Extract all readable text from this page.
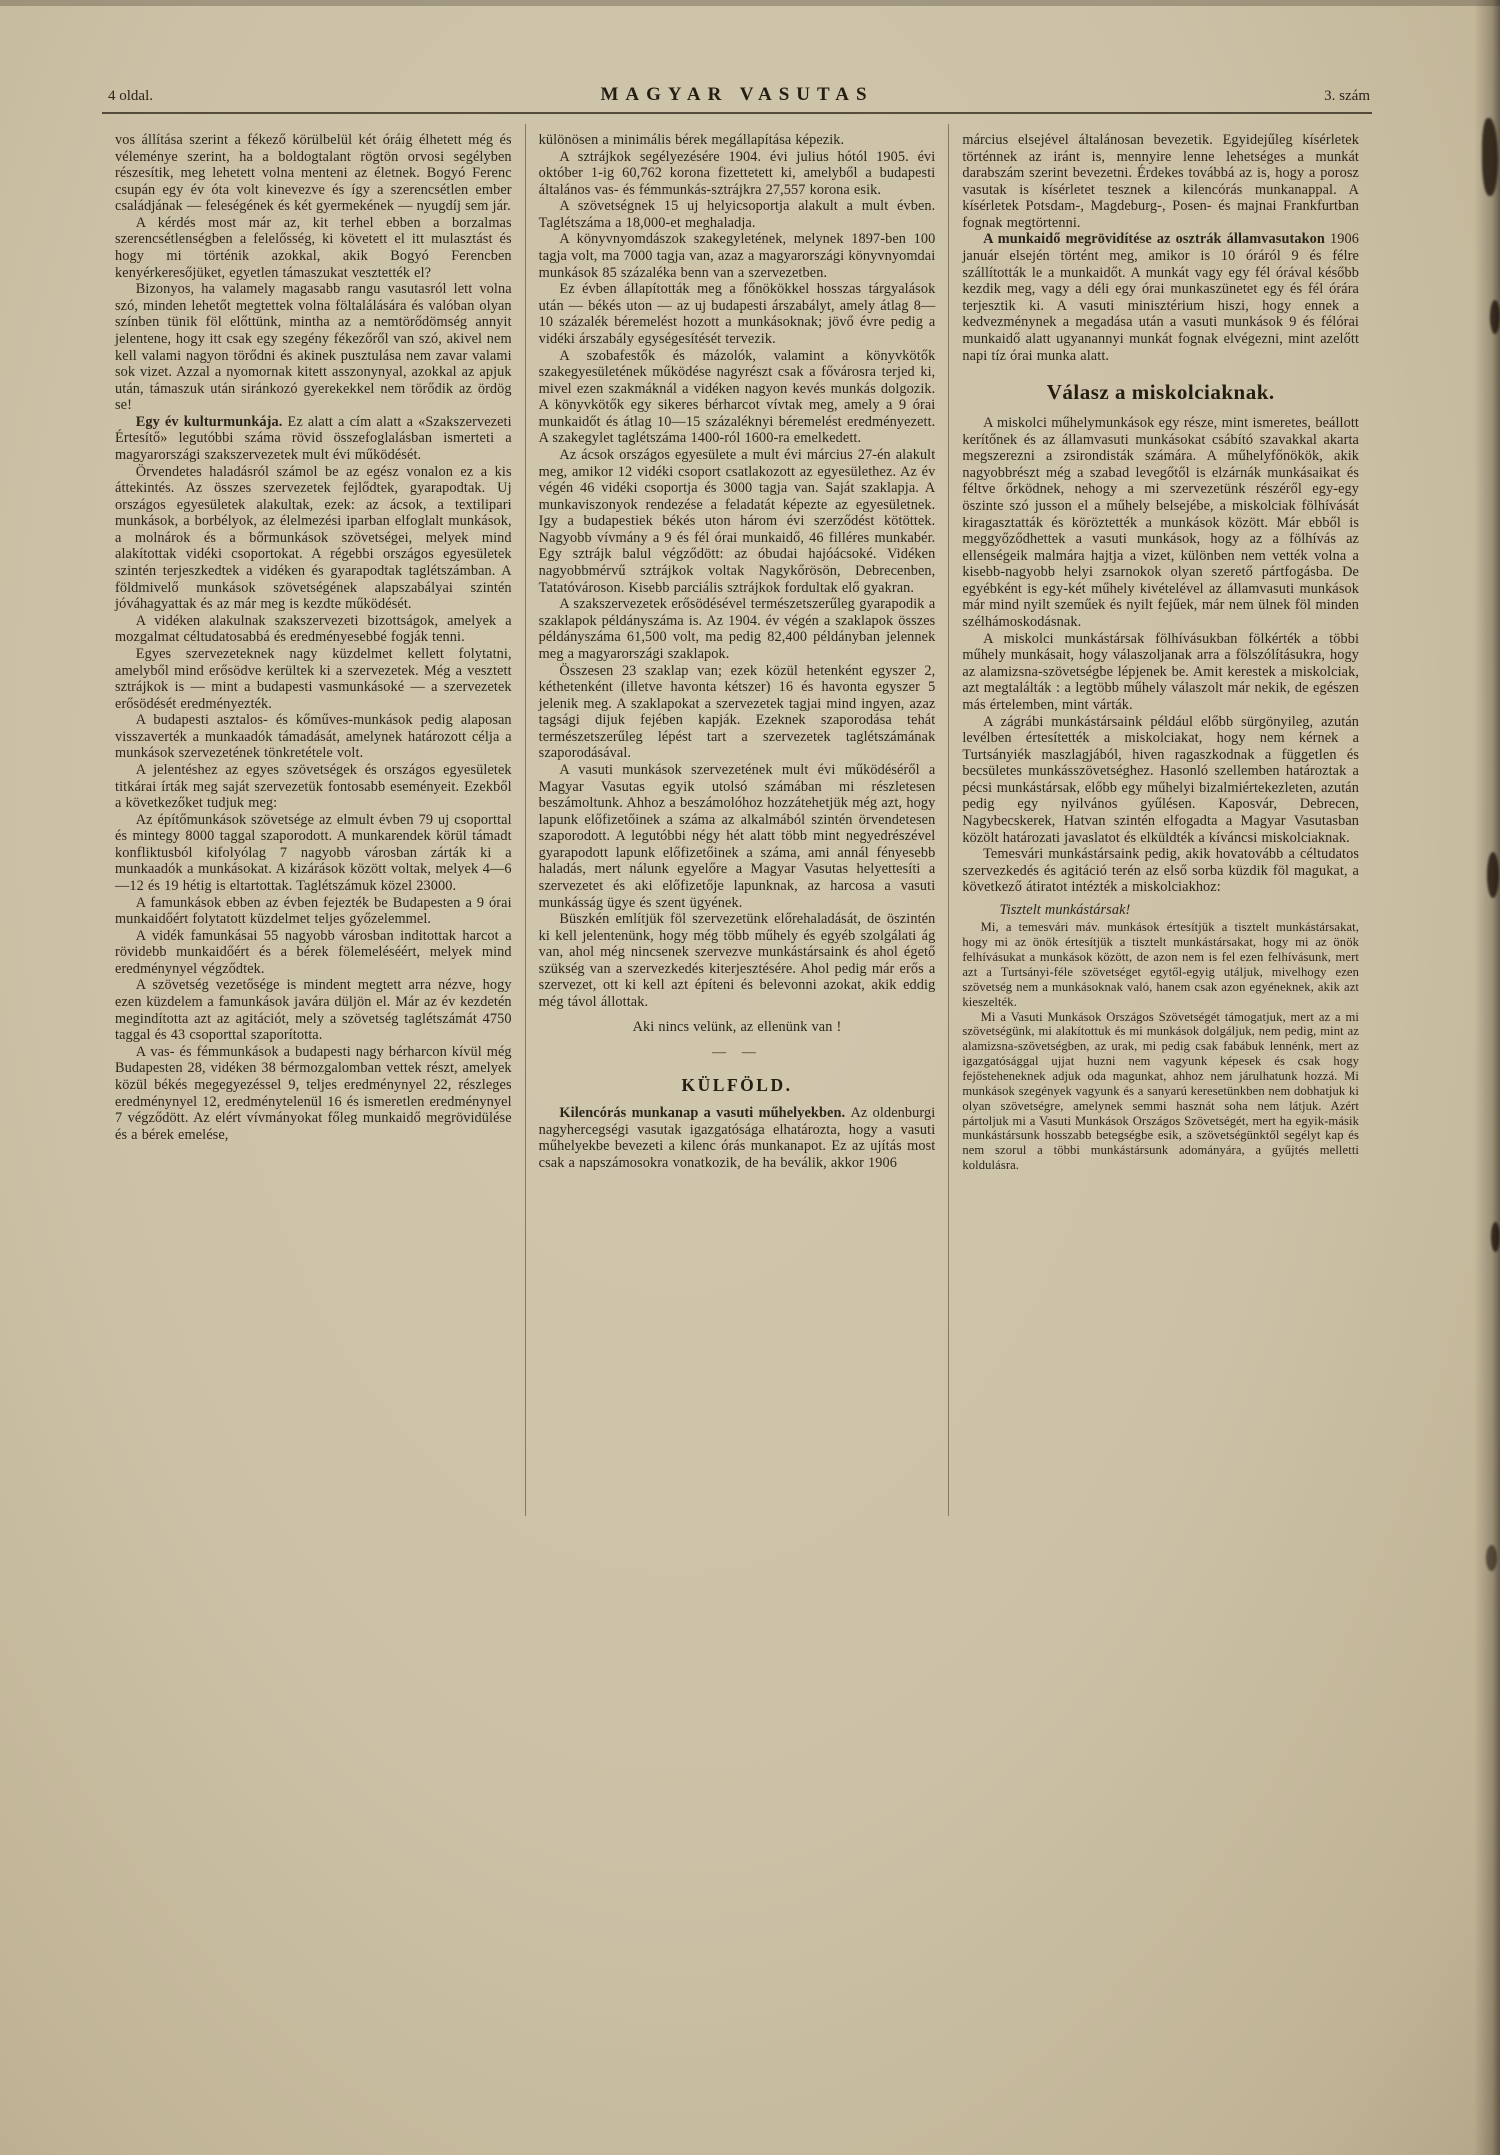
4 oldal.	MAGYAR VASUTAS	3. szám

vos állítása szerint a fékező körülbelül két óráig élhetett még és véleménye szerint, ha a boldogtalant rögtön orvosi segélyben részesítik, meg lehetett volna menteni az életnek. Bogyó Ferenc csupán egy év óta volt kinevezve és így a szerencsétlen ember családjának — feleségének és két gyermekének — nyugdíj sem jár.

A kérdés most már az, kit terhel ebben a borzalmas szerencsétlenségben a felelősség, ki követett el itt mulasztást és hogy mi történik azokkal, akik Bogyó Ferencben kenyérkeresőjüket, egyetlen támaszukat vesztették el?

Bizonyos, ha valamely magasabb rangu vasutasról lett volna szó, minden lehetőt megtettek volna föltalálására és valóban olyan színben tünik föl előttünk, mintha az a nemtörődömség annyit jelentene, hogy itt csak egy szegény fékezőről van szó, akivel nem kell valami nagyon törődni és akinek pusztulása nem zavar valami sok vizet. Azzal a nyomornak kitett asszonynyal, azokkal az apjuk után, támaszuk után siránkozó gyerekekkel nem törődik az ördög se!

Egy év kulturmunkája. Ez alatt a cím alatt a «Szakszervezeti Értesítő» legutóbbi száma rövid összefoglalásban ismerteti a magyarországi szakszervezetek mult évi működését.

Örvendetes haladásról számol be az egész vonalon ez a kis áttekintés. Az összes szervezetek fejlődtek, gyarapodtak. Uj országos egyesületek alakultak, ezek: az ácsok, a textilipari munkások, a borbélyok, az élelmezési iparban elfoglalt munkások, a molnárok és a bőrmunkások szövetségei, melyek mind alakítottak vidéki csoportokat. A régebbi országos egyesületek szintén terjeszkedtek a vidéken és gyarapodtak taglétszámban. A földmivelő munkások szövetségének alapszabályai szintén jóváhagyattak és az már meg is kezdte működését.

A vidéken alakulnak szakszervezeti bizottságok, amelyek a mozgalmat céltudatosabbá és eredményesebbé fogják tenni.

Egyes szervezeteknek nagy küzdelmet kellett folytatni, amelyből mind erősödve kerültek ki a szervezetek. Még a vesztett sztrájkok is — mint a budapesti vasmunkásoké — a szervezetek erősödését eredményezték.

A budapesti asztalos- és kőműves-munkások pedig alaposan visszaverték a munkaadók támadását, amelynek határozott célja a munkások szervezetének tönkretétele volt.

A jelentéshez az egyes szövetségek és országos egyesületek titkárai írták meg saját szervezetük fontosabb eseményeit. Ezekből a következőket tudjuk meg:

Az építőmunkások szövetsége az elmult évben 79 uj csoporttal és mintegy 8000 taggal szaporodott. A munkarendek körül támadt konfliktusból kifolyólag 7 nagyobb városban zárták ki a munkaadók a munkásokat. A kizárások között voltak, melyek 4—6—12 és 19 hétig is eltartottak. Taglétszámuk közel 23000.

A famunkások ebben az évben fejezték be Budapesten a 9 órai munkaidőért folytatott küzdelmet teljes győzelemmel.

A vidék famunkásai 55 nagyobb városban inditottak harcot a rövidebb munkaidőért és a bérek fölemeléséért, melyek mind eredménynyel végződtek.

A szövetség vezetősége is mindent megtett arra nézve, hogy ezen küzdelem a famunkások javára düljön el. Már az év kezdetén megindította azt az agitációt, mely a szövetség taglétszámát 4750 taggal és 43 csoporttal szaporította.

A vas- és fémmunkások a budapesti nagy bérharcon kívül még Budapesten 28, vidéken 38 bérmozgalomban vettek részt, amelyek közül békés megegyezéssel 9, teljes eredménynyel 22, részleges eredménynyel 12, eredménytelenül 16 és ismeretlen eredménynyel 7 végződött. Az elért vívmányokat főleg munkaidő megrövidülése és a bérek emelése,

különösen a minimális bérek megállapítása képezik.

A sztrájkok segélyezésére 1904. évi julius hótól 1905. évi október 1-ig 60,762 korona fizettetett ki, amelyből a budapesti általános vas- és fémmunkás-sztrájkra 27,557 korona esik.

A szövetségnek 15 uj helyicsoportja alakult a mult évben. Taglétszáma a 18,000-et meghaladja.

A könyvnyomdászok szakegyletének, melynek 1897-ben 100 tagja volt, ma 7000 tagja van, azaz a magyarországi könyvnyomdai munkások 85 százaléka benn van a szervezetben.

Ez évben állapították meg a főnökökkel hosszas tárgyalások után — békés uton — az uj budapesti árszabályt, amely átlag 8—10 százalék béremelést hozott a munkásoknak; jövő évre pedig a vidéki árszabály egységesítését tervezik.

A szobafestők és mázolók, valamint a könyvkötők szakegyesületének működése nagyrészt csak a fővárosra terjed ki, mivel ezen szakmáknál a vidéken nagyon kevés munkás dolgozik. A könyvkötők egy sikeres bérharcot vívtak meg, amely a 9 órai munkaidőt és átlag 10—15 százaléknyi béremelést eredményezett. A szakegylet taglétszáma 1400-ról 1600-ra emelkedett.

Az ácsok országos egyesülete a mult évi március 27-én alakult meg, amikor 12 vidéki csoport csatlakozott az egyesülethez. Az év végén 46 vidéki csoportja és 3000 tagja van. Saját szaklapja. A munkaviszonyok rendezése a feladatát képezte az egyesületnek. Igy a budapestiek békés uton három évi szerződést kötöttek. Nagyobb vívmány a 9 és fél órai munkaidő, 46 filléres munkabér. Egy sztrájk balul végződött: az óbudai hajóácsoké. Vidéken nagyobbmérvű sztrájkok voltak Nagykőrösön, Debrecenben, Tatatóvároson. Kisebb parciális sztrájkok fordultak elő gyakran.

A szakszervezetek erősödésével természetszerűleg gyarapodik a szaklapok példányszáma is. Az 1904. év végén a szaklapok összes példányszáma 61,500 volt, ma pedig 82,400 példányban jelennek meg a magyarországi szaklapok.

Összesen 23 szaklap van; ezek közül hetenként egyszer 2, kéthetenként (illetve havonta kétszer) 16 és havonta egyszer 5 jelenik meg. A szaklapokat a szervezetek tagjai mind ingyen, azaz tagsági dijuk fejében kapják. Ezeknek szaporodása tehát természetszerűleg lépést tart a szervezetek taglétszámának szaporodásával.

A vasuti munkások szervezetének mult évi működéséről a Magyar Vasutas egyik utolsó számában mi részletesen beszámoltunk. Ahhoz a beszámolóhoz hozzátehetjük még azt, hogy lapunk előfizetőinek a száma az alkalmából szintén örvendetesen szaporodott. A legutóbbi négy hét alatt több mint negyedrészével gyarapodott lapunk előfizetőinek a száma, ami annál fényesebb haladás, mert nálunk egyelőre a Magyar Vasutas helyettesíti a szervezetet és aki előfizetője lapunknak, az harcosa a vasuti munkásság ügye és szent ügyének.

Büszkén említjük föl szervezetünk előrehaladását, de öszintén ki kell jelentenünk, hogy még több műhely és egyéb szolgálati ág van, ahol még nincsenek szervezve munkástársaink és ahol égető szükség van a szervezkedés kiterjesztésére. Ahol pedig már erős a szervezet, ott ki kell azt építeni és belevonni azokat, akik eddig még távol állottak.

Aki nincs velünk, az ellenünk van !

— —
KÜLFÖLD.

Kilencórás munkanap a vasuti műhelyekben. Az oldenburgi nagyhercegségi vasutak igazgatósága elhatározta, hogy a vasuti műhelyekbe bevezeti a kilenc órás munkanapot. Ez az ujítás most csak a napszámosokra vonatkozik, de ha beválik, akkor 1906

március elsejével általánosan bevezetik. Egyidejűleg kísérletek történnek az iránt is, mennyire lenne lehetséges a munkát darabszám szerint bevezetni. Érdekes továbbá az is, hogy a porosz vasutak is kísérletet tesznek a kilencórás munkanappal. A kísérletek Potsdam-, Magdeburg-, Posen- és majnai Frankfurtban fognak megtörtenni.

A munkaidő megrövidítése az osztrák államvasutakon 1906 január elsején történt meg, amikor is 10 óráról 9 és félre szállították le a munkaidőt. A munkát vagy egy fél órával később kezdik meg, vagy a déli egy órai munkaszünetet egy és fél órára terjesztik ki. A vasuti minisztérium hiszi, hogy ennek a kedvezménynek a megadása után a vasuti munkások 9 és félórai munkaidő alatt ugyanannyi munkát fognak elvégezni, mint azelőtt napi tíz órai munka alatt.

Válasz a miskolciaknak.

A miskolci műhelymunkások egy része, mint ismeretes, beállott kerítőnek és az államvasuti munkásokat csábító szavakkal akarta megszerezni a zsirondisták számára. A műhelyfőnökök, akik nagyobbrészt még a szabad levegőtől is elzárnák munkásaikat és féltve őrködnek, nehogy a mi szervezetünk részéről egy-egy öszinte szó jusson el a műhely belsejébe, a miskolciak fölhívását kiragasztatták és köröztették a munkások között. Már ebből is meggyőződhettek a vasuti munkások, hogy az a fölhívás az ellenségeik malmára hajtja a vizet, különben nem vették volna a kisebb-nagyobb helyi zsarnokok olyan szerető pártfogásba. De egyébként is egy-két műhely kivételével az államvasuti munkások már mind nyilt szeműek és nyilt fejűek, már nem ülnek föl minden szélhámoskodásnak.

A miskolci munkástársak fölhívásukban fölkérték a többi műhely munkásait, hogy válaszoljanak arra a fölszólításukra, hogy az alamizsna-szövetségbe lépjenek be. Amit kerestek a miskolciak, azt megtalálták : a legtöbb műhely válaszolt már nekik, de egészen más értelemben, mint várták.

A zágrábi munkástársaink például előbb sürgönyileg, azután levélben értesítették a miskolciakat, hogy nem kérnek a Turtsányiék maszlagjából, hiven ragaszkodnak a független és becsületes munkásszövetséghez. Hasonló szellemben határoztak a pécsi munkástársak, előbb egy műhelyi bizalmiértekezleten, azután pedig egy nyilvános gyűlésen. Kaposvár, Debrecen, Nagybecskerek, Hatvan szintén elfogadta a Magyar Vasutasban közölt határozati javaslatot és elküldték a kíváncsi miskolciaknak.

Temesvári munkástársaink pedig, akik hovatovább a céltudatos szervezkedés és agitáció terén az első sorba küzdik föl magukat, a következő átiratot intézték a miskolciakhoz:

Tisztelt munkástársak!

Mi, a temesvári máv. munkások értesítjük a tisztelt munkástársakat, hogy mi az önök értesítjük a tisztelt munkástársakat, hogy mi az önök felhívásukat a munkások között, de azon nem is fel ezen felhívásunk, mert azt a Turtsányi-féle szövetséget egytől-egyig utáljuk, mivelhogy ezen szövetség nem a munkásoknak való, hanem csak azon egyéneknek, akik azt kieszelték.

Mi a Vasuti Munkások Országos Szövetségét támogatjuk, mert az a mi szövetségünk, mi alakítottuk és mi munkások dolgáljuk, nem pedig, mint az alamizsna-szövetségben, az urak, mi pedig csak fabábuk lennénk, mert az igazgatósággal ujjat huzni nem vagyunk képesek és csak hogy fejősteheneknek adjuk oda magunkat, ahhoz nem járulhatunk hozzá. Mi munkások szegények vagyunk és a sanyarú keresetünkben nem dobhatjuk ki olyan szövetségre, amelynek semmi hasznát soha nem látjuk. Azért pártoljuk mi a Vasuti Munkások Országos Szövetségét, mert ha egyik-másik munkástársunk hosszabb betegségbe esik, a szövetségünktől segélyt kap és nem szorul a többi munkástársunk adományára, a gyűjtés melletti koldulásra.
